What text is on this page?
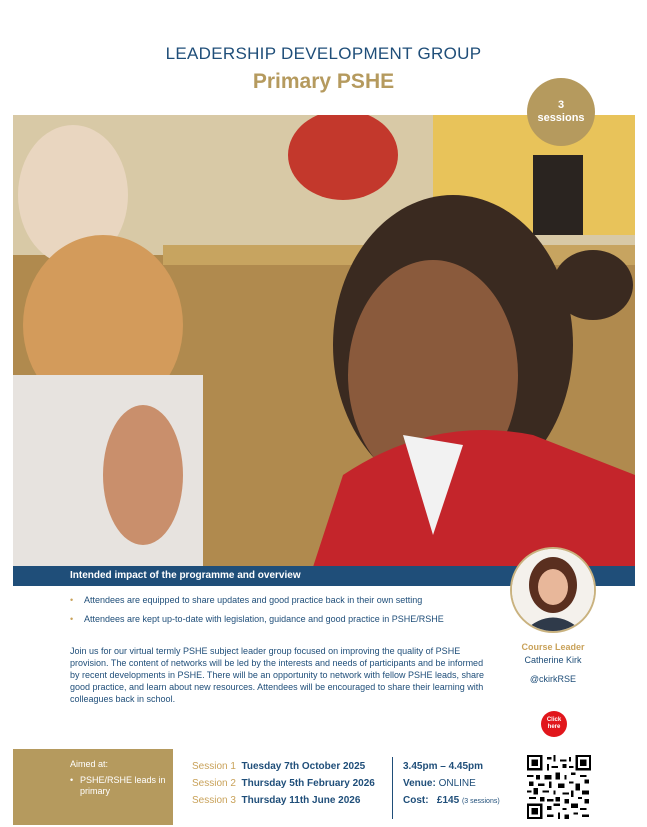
LEADERSHIP DEVELOPMENT GROUP
Primary PSHE
3
sessions
Intended impact of the programme and overview
• Attendees are equipped to share updates and good practice back in their own setting
• Attendees are kept up-to-date with legislation, guidance and good practice in PSHE/RSHE

Join us for our virtual termly PSHE subject leader group focused on improving the quality of PSHE provision. The content of networks will be led by the interests and needs of participants and be informed by recent developments in PSHE. There will be an opportunity to network with fellow PSHE leads, share good practice, and learn about new resources. Attendees will be encouraged to share their learning with colleagues back in school.

Course Leader
Catherine Kirk
@ckirkRSE
Click
here
Aimed at:
• PSHE/RSHE leads in primary
Session 1 Tuesday 7th October 2025
Session 2 Thursday 5th February 2026
Session 3 Thursday 11th June 2026
3.45pm – 4.45pm
Venue: ONLINE
Cost: £145 (3 sessions)
